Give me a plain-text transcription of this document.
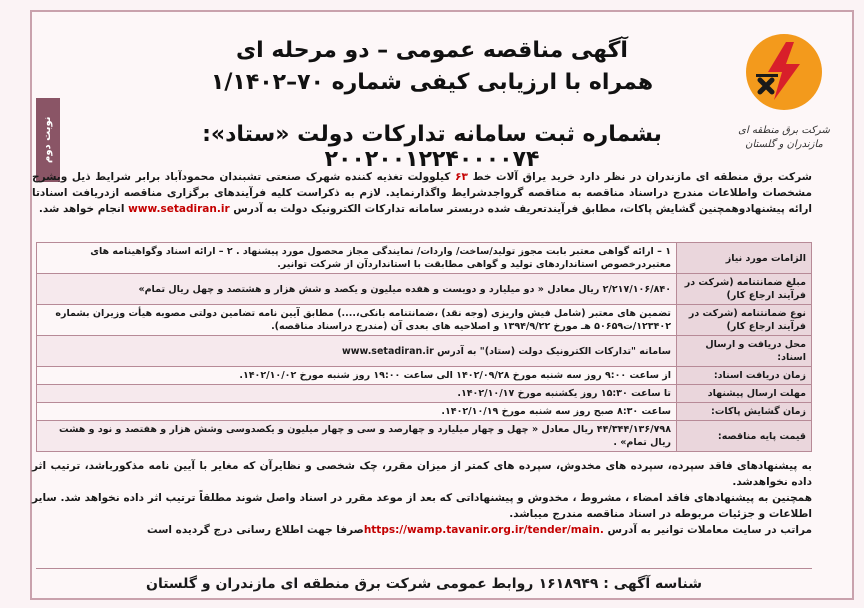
نوبت دوم	شرکت برق منطقه ای
مازندران و گلستان
آگهی مناقصه عمومی – دو مرحله ای
همراه با ارزیابی کیفی شماره ۷۰–۱/۱۴۰۲
بشماره ثبت سامانه تدارکات دولت «ستاد»: ۲۰۰۲۰۰۱۲۲۴۰۰۰۰۷۴
شرکت برق منطقه ای مازندران در نظر دارد خرید یراق آلات خط ۶۳ کیلوولت تغذیه کننده شهرک صنعتی تشبندان محمودآباد برابر شرایط ذیل وبشرح مشخصات واطلاعات مندرج دراسناد مناقصه به مناقصه گرواجدشرایط واگذارنماید. لازم به ذکراست کلیه فرآیندهای برگزاری مناقصه ازدریافت اسنادتا ارائه پیشنهادوهمچنین گشایش پاکات، مطابق فرآیندتعریف شده دربستر سامانه تدارکات الکترونیک دولت به آدرس www.setadiran.ir انجام خواهد شد.
الزامات مورد نیاز	۱ – ارائه گواهی معتبر بابت مجوز تولید/ساخت/ واردات/ نمایندگی مجاز محصول مورد پیشنهاد . ۲ – ارائه اسناد وگواهینامه های معتبردرخصوص استانداردهای تولید و گواهی مطابقت با استانداردآن از شرکت توانیر.
مبلغ ضمانتنامه (شرکت در فرآیند ارجاع کار)	۲/۲۱۷/۱۰۶/۸۴۰ ریال معادل « دو میلیارد و دویست و هفده میلیون و یکصد و شش هزار و هشتصد و چهل ریال تمام»
نوع ضمانتنامه (شرکت در فرآیند ارجاع کار)	تضمین های معتبر (شامل فیش واریزی (وجه نقد) ،ضمانتنامه بانکی،....) مطابق آیین نامه تضامین دولتی مصوبه هیأت وزیران بشماره ۱۲۳۴۰۲/ت۵۰۶۵۹ هـ مورخ ۱۳۹۴/۹/۲۲ و اصلاحیه های بعدی آن (مندرج دراسناد مناقصه).
محل دریافت و ارسال اسناد:	سامانه "تدارکات الکترونیک دولت (ستاد)" به آدرس www.setadiran.ir
زمان دریافت اسناد:	از ساعت ۹:۰۰ روز سه شنبه مورخ ۱۴۰۲/۰۹/۲۸ الی ساعت ۱۹:۰۰ روز شنبه مورخ ۱۴۰۲/۱۰/۰۲.
مهلت ارسال پیشنهاد	تا ساعت ۱۵:۳۰ روز یکشنبه مورخ ۱۴۰۲/۱۰/۱۷.
زمان گشایش پاکات:	ساعت ۸:۳۰ صبح روز سه شنبه مورخ ۱۴۰۲/۱۰/۱۹.
قیمت پایه مناقصه:	۴۴/۳۴۴/۱۳۶/۷۹۸ ریال معادل « چهل و چهار میلیارد و چهارصد و سی و چهار میلیون و یکصدوسی وشش هزار و هفتصد و نود و هشت ریال تمام» .
به پیشنهادهای فاقد سپرده، سپرده های مخدوش، سپرده های کمتر از میزان مقرر، چک شخصی و نظایرآن که مغایر با آیین نامه مذکورباشد، ترتیب اثر داده نخواهدشد.
همچنین به پیشنهادهای فاقد امضاء ، مشروط ، مخدوش و پیشنهاداتی که بعد از موعد مقرر در اسناد واصل شوند مطلقاً ترتیب اثر داده نخواهد شد. سایر اطلاعات و جزئیات مربوطه در اسناد مناقصه مندرج میباشد.
مراتب در سایت معاملات توانیر به آدرس https://wamp.tavanir.org.ir/tender/main.صرفا جهت اطلاع رسانی درج گردیده است
شناسه آگهی : ۱۶۱۸۹۴۹
روابط عمومی شرکت برق منطقه ای مازندران و گلستان
